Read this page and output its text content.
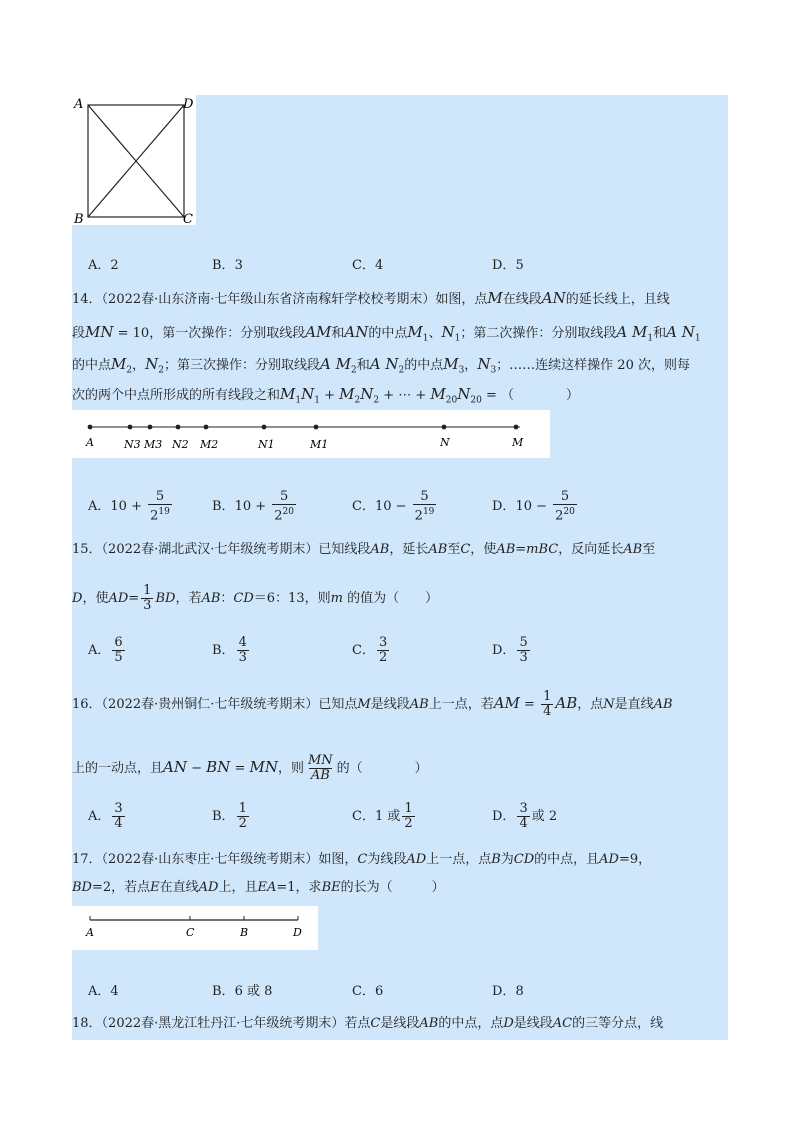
A	D
B	C
A．2	B．3	C．4	D．5
14．（2022春·山东济南·七年级山东省济南稼轩学校校考期末）如图，点M在线段AN的延长线上，且线
段MN = 10，第一次操作：分别取线段AM和AN的中点$M_1$、$N_1$；第二次操作：分别取线段A $M_1$和A $N_1$
的中点$M_2$，$N_2$；第三次操作：分别取线段A $M_2$和A $N_2$的中点$M_3$，$N_3$；……连续这样操作 20 次，则每
次的两个中点所形成的所有线段之和$M_1N_1 + M_2N_2$ + ⋯ + $M_{20}N_{20}$ = （　　　　）
A	N3 M3 N2 M2	N1	M1	N	M
A．$10 + \frac{5}{2^{19}}$	B．$10 + \frac{5}{2^{20}}$	C．$10 - \frac{5}{2^{19}}$	D．$10 - \frac{5}{2^{20}}$
15．（2022春·湖北武汉·七年级统考期末）已知线段AB，延长AB至C，使AB=mBC，反向延长AB至
D，使$AD= \frac{1}{3}$ BD，若AB：CD＝6：13，则m 的值为（　　）
A． $\frac{6}{5}$	B． $\frac{4}{3}$	C． $\frac{3}{2}$	D． $\frac{5}{3}$
16．（2022春·贵州铜仁·七年级统考期末）已知点M是线段AB上一点，若AM = $\frac{1}{4}$ AB，点N是直线AB
上的一动点，且AN − BN = MN，则 $\frac{MN}{AB}$ 的（　　　　）
A． $\frac{3}{4}$	B． $\frac{1}{2}$	C．1 或 $\frac{1}{2}$	D． $\frac{3}{4}$ 或 2
17．（2022春·山东枣庄·七年级统考期末）如图，C为线段AD上一点，点B为CD的中点，且AD=9，
BD=2，若点E在直线AD上，且EA=1，求BE的长为（　　　）
A	C	B	D
A．4	B．6 或 8	C．6	D．8
18．（2022春·黑龙江牡丹江·七年级统考期末）若点C是线段AB的中点，点D是线段AC的三等分点，线
